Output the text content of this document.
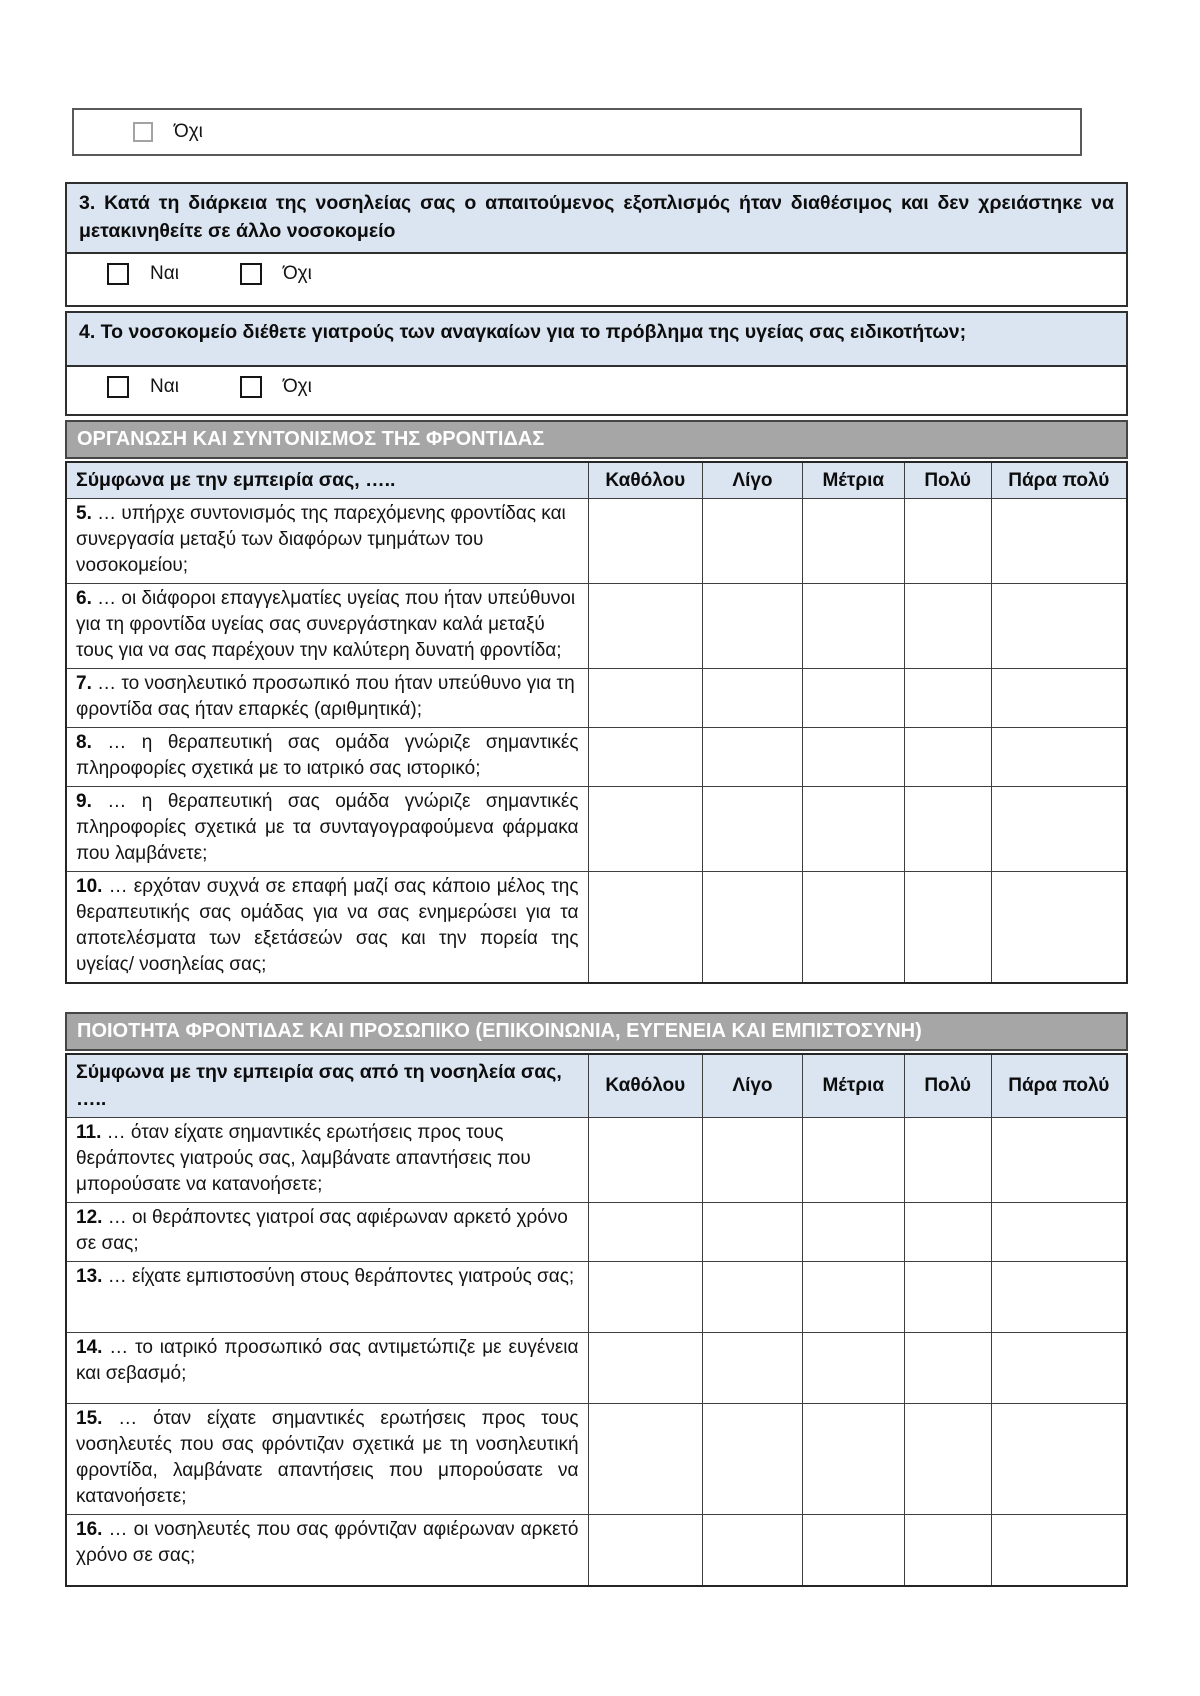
Όχι
3. Κατά τη διάρκεια της νοσηλείας σας ο απαιτούμενος εξοπλισμός ήταν διαθέσιμος και δεν χρειάστηκε να μετακινηθείτε σε άλλο νοσοκομείο
Ναι	Όχι
4. Το νοσοκομείο διέθετε γιατρούς των αναγκαίων για το πρόβλημα της υγείας σας ειδικοτήτων;
Ναι	Όχι
ΟΡΓΑΝΩΣΗ ΚΑΙ ΣΥΝΤΟΝΙΣΜΟΣ ΤΗΣ ΦΡΟΝΤΙΔΑΣ
Σύμφωνα με την εμπειρία σας, …..	Καθόλου	Λίγο	Μέτρια	Πολύ	Πάρα πολύ
5. … υπήρχε συντονισμός της παρεχόμενης φροντίδας και συνεργασία μεταξύ των διαφόρων τμημάτων του νοσοκομείου;					
6. … οι διάφοροι επαγγελματίες υγείας που ήταν υπεύθυνοι για τη φροντίδα υγείας σας συνεργάστηκαν καλά μεταξύ τους για να σας παρέχουν την καλύτερη δυνατή φροντίδα;					
7. … το νοσηλευτικό προσωπικό που ήταν υπεύθυνο για τη φροντίδα σας ήταν επαρκές (αριθμητικά);					
8. … η θεραπευτική σας ομάδα γνώριζε σημαντικές πληροφορίες σχετικά με το ιατρικό σας ιστορικό;					
9. … η θεραπευτική σας ομάδα γνώριζε σημαντικές πληροφορίες σχετικά με τα συνταγογραφούμενα φάρμακα που λαμβάνετε;					
10. … ερχόταν συχνά σε επαφή μαζί σας κάποιο μέλος της θεραπευτικής σας ομάδας για να σας ενημερώσει για τα αποτελέσματα των εξετάσεών σας και την πορεία της υγείας/ νοσηλείας σας;					
ΠΟΙΟΤΗΤΑ ΦΡΟΝΤΙΔΑΣ ΚΑΙ ΠΡΟΣΩΠΙΚΟ (ΕΠΙΚΟΙΝΩΝΙΑ, ΕΥΓΕΝΕΙΑ ΚΑΙ ΕΜΠΙΣΤΟΣΥΝΗ)
Σύμφωνα με την εμπειρία σας από τη νοσηλεία σας, …..	Καθόλου	Λίγο	Μέτρια	Πολύ	Πάρα πολύ
11. … όταν είχατε σημαντικές ερωτήσεις προς τους θεράποντες γιατρούς σας, λαμβάνατε απαντήσεις που μπορούσατε να κατανοήσετε;					
12. … οι θεράποντες γιατροί σας αφιέρωναν αρκετό χρόνο σε σας;					
13. … είχατε εμπιστοσύνη στους θεράποντες γιατρούς σας;					
14. … το ιατρικό προσωπικό σας αντιμετώπιζε με ευγένεια και σεβασμό;					
15. … όταν είχατε σημαντικές ερωτήσεις προς τους νοσηλευτές που σας φρόντιζαν σχετικά με τη νοσηλευτική φροντίδα, λαμβάνατε απαντήσεις που μπορούσατε να κατανοήσετε;					
16. … οι νοσηλευτές που σας φρόντιζαν αφιέρωναν αρκετό χρόνο σε σας;					
